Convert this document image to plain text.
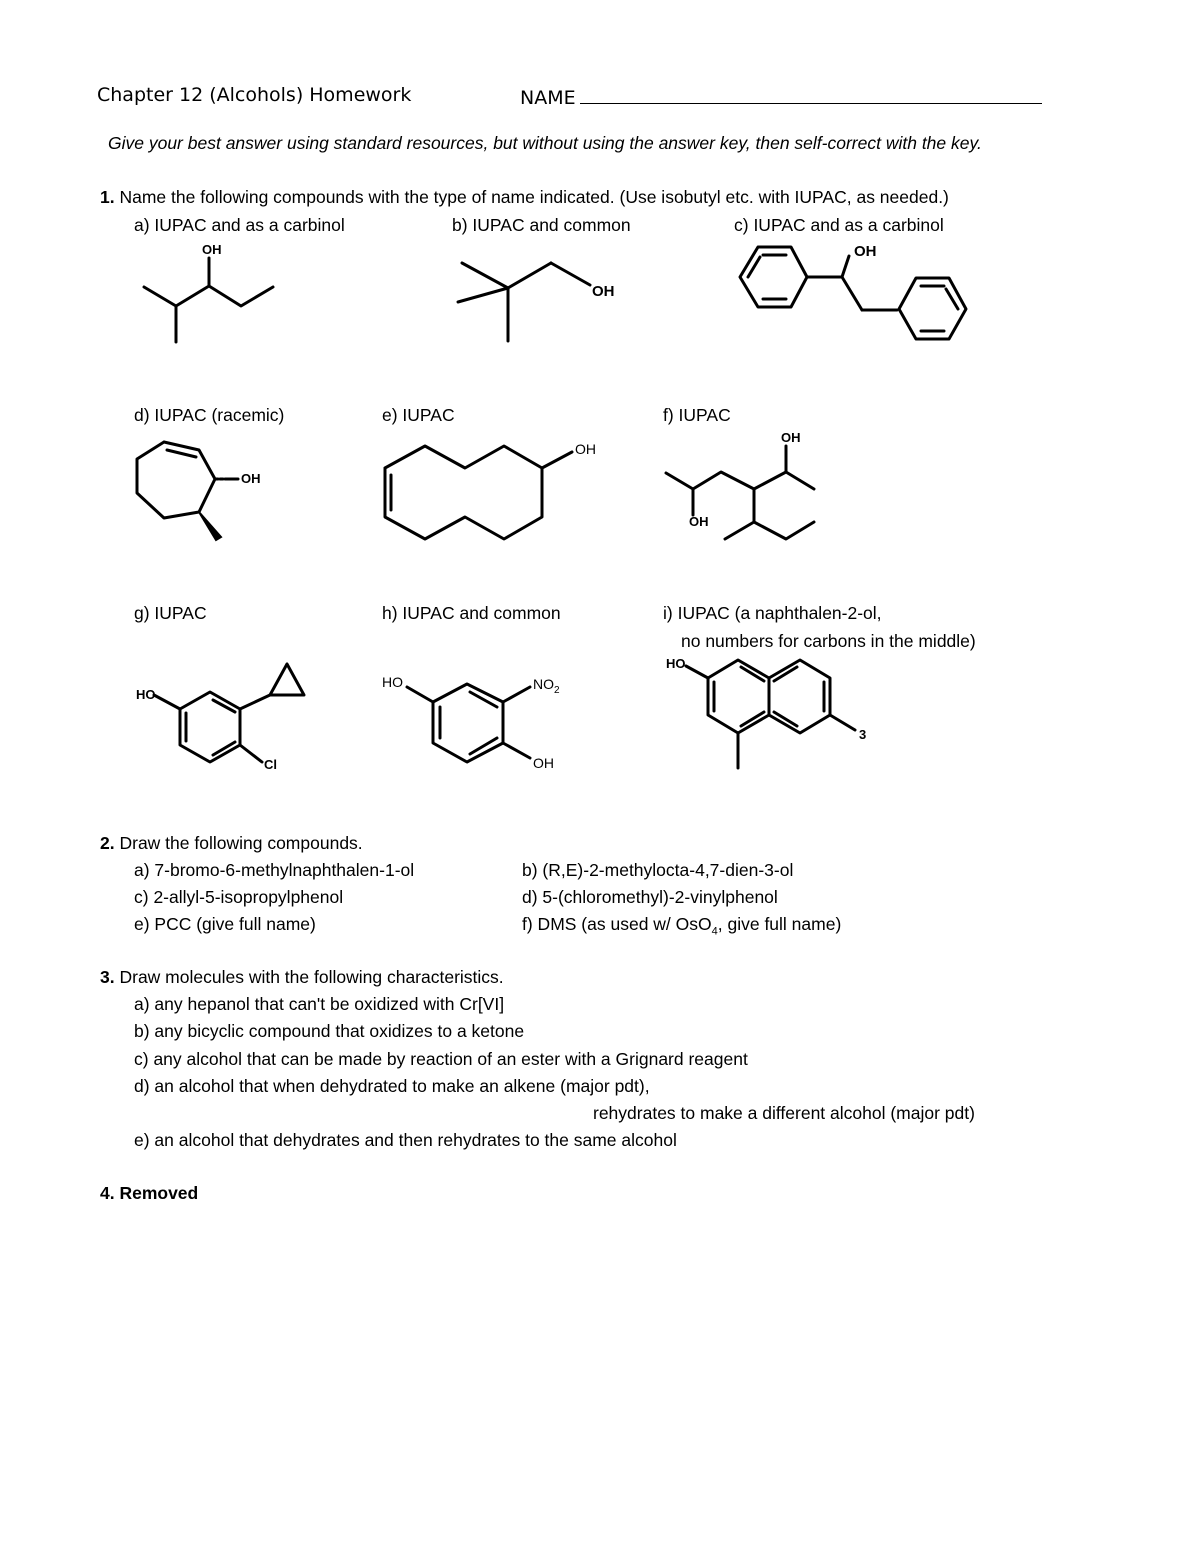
Chapter 12 (Alcohols) Homework	NAME
Give your best answer using standard resources, but without using the answer key, then self-correct with the key.
1. Name the following compounds with the type of name indicated. (Use isobutyl etc. with IUPAC, as needed.)
a) IUPAC and as a carbinol	b) IUPAC and common	c) IUPAC and as a carbinol
OH
OH
OH
d) IUPAC (racemic)	e) IUPAC	f) IUPAC
OH
OH
OH
OH
g) IUPAC	h) IUPAC and common	i) IUPAC (a naphthalen-2-ol,
no numbers for carbons in the middle)
HO
Cl
HO	$NO_2$
OH
HO
3
2. Draw the following compounds.
a) 7-bromo-6-methylnaphthalen-1-ol	b) (R,E)-2-methylocta-4,7-dien-3-ol
c) 2-allyl-5-isopropylphenol	d) 5-(chloromethyl)-2-vinylphenol
e) PCC (give full name)	f) DMS (as used w/ OsO$_4$, give full name)
3. Draw molecules with the following characteristics.
a) any hepanol that can't be oxidized with Cr[VI]
b) any bicyclic compound that oxidizes to a ketone
c) any alcohol that can be made by reaction of an ester with a Grignard reagent
d) an alcohol that when dehydrated to make an alkene (major pdt),
rehydrates to make a different alcohol (major pdt)
e) an alcohol that dehydrates and then rehydrates to the same alcohol
4. Removed
